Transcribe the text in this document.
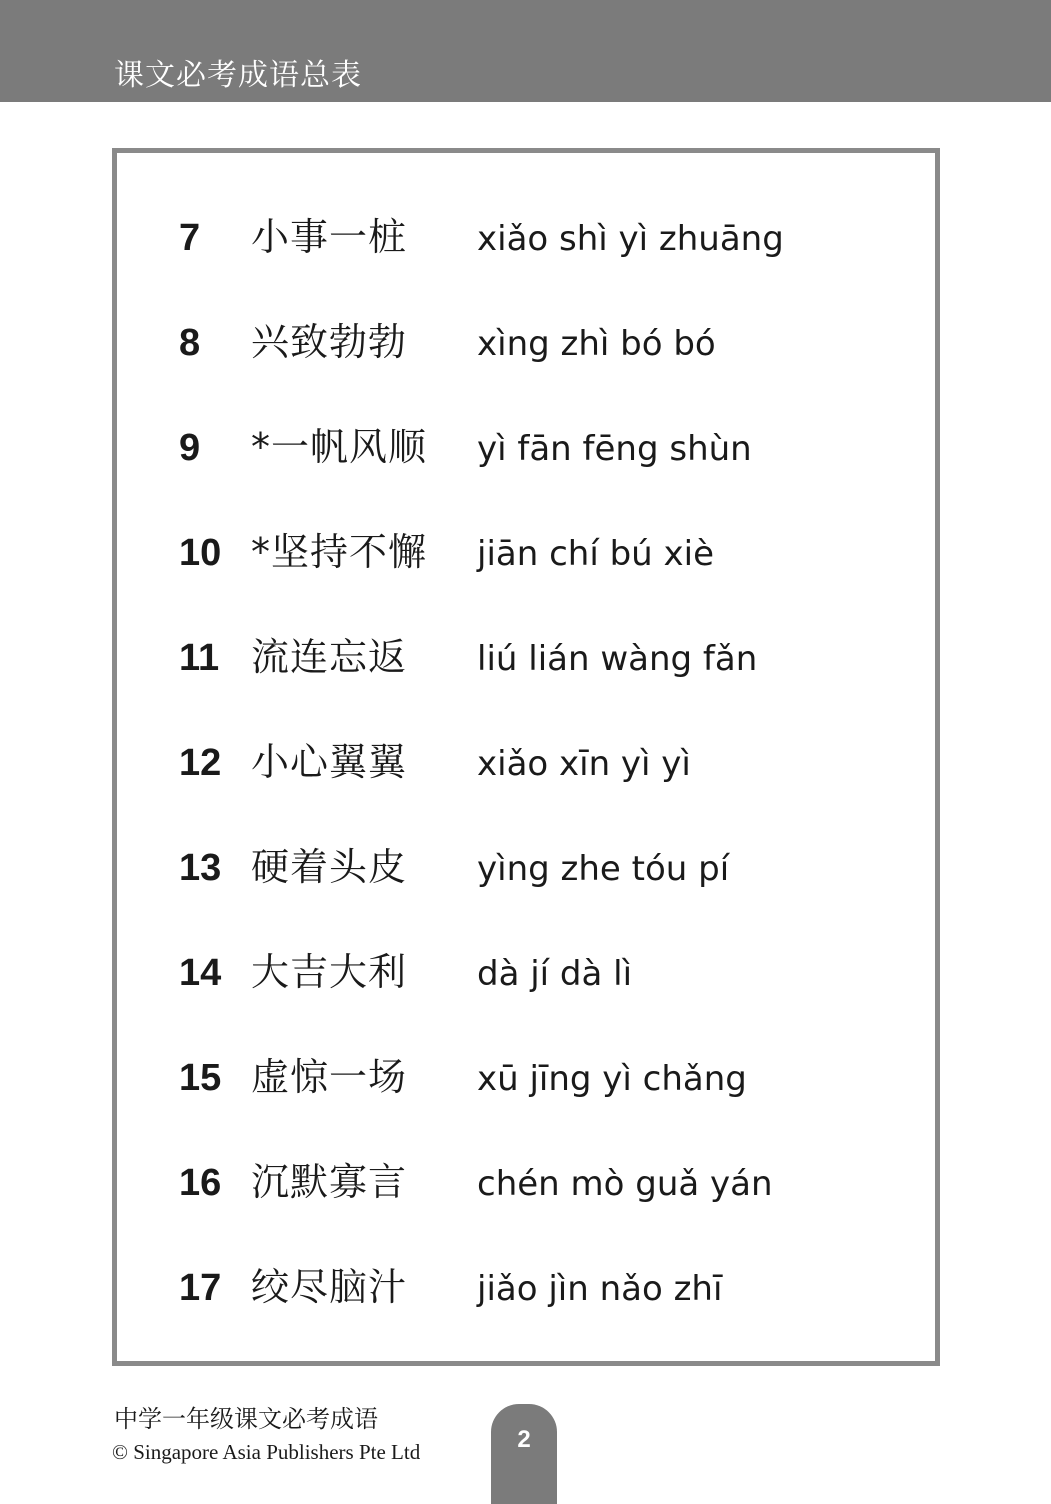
课文必考成语总表
7 小事一桩 xiǎo shì yì zhuāng
8 兴致勃勃 xìng zhì bó bó
9 *一帆风顺 yì fān fēng shùn
10 *坚持不懈 jiān chí bú xiè
11 流连忘返 liú lián wàng fǎn
12 小心翼翼 xiǎo xīn yì yì
13 硬着头皮 yìng zhe tóu pí
14 大吉大利 dà jí dà lì
15 虚惊一场 xū jīng yì chǎng
16 沉默寡言 chén mò guǎ yán
17 绞尽脑汁 jiǎo jìn nǎo zhī
中学一年级课文必考成语
© Singapore Asia Publishers Pte Ltd	2
